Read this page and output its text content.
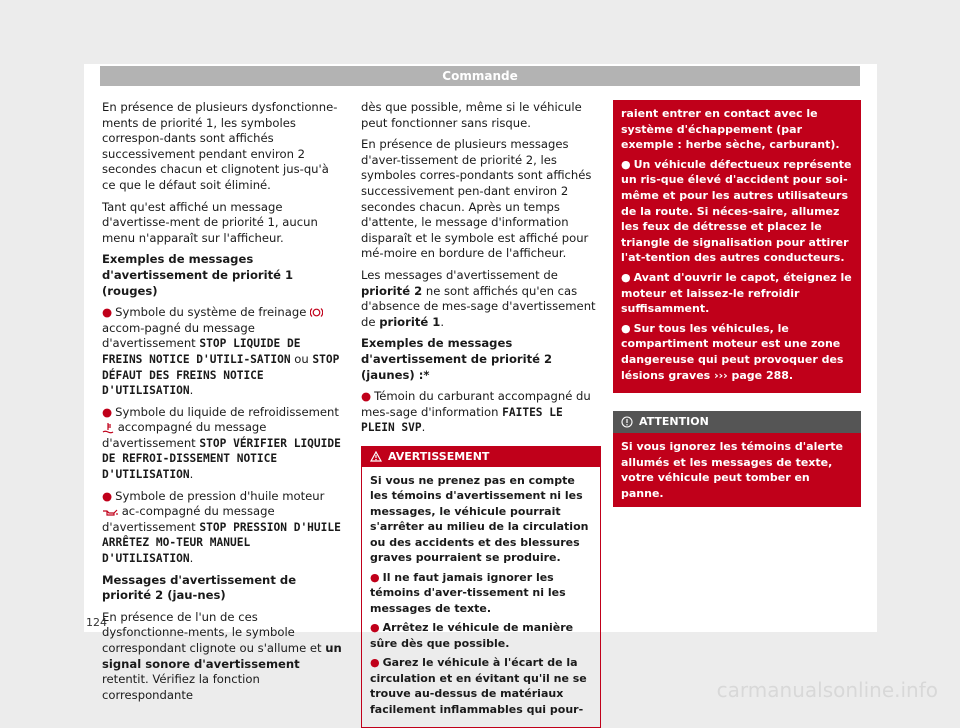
Commande

En présence de plusieurs dysfonctionne-ments de priorité 1, les symboles correspon-dants sont affichés successivement pendant environ 2 secondes chacun et clignotent jus-qu'à ce que le défaut soit éliminé.

Tant qu'est affiché un message d'avertisse-ment de priorité 1, aucun menu n'apparaît sur l'afficheur.

Exemples de messages d'avertissement de priorité 1 (rouges)

● Symbole du système de freinage  accom-pagné du message d'avertissement STOP LIQUIDE DE FREINS NOTICE D'UTILI-SATION ou STOP DÉFAUT DES FREINS NOTICE D'UTILISATION.

● Symbole du liquide de refroidissement  accompagné du message d'avertissement STOP VÉRIFIER LIQUIDE DE REFROI-DISSEMENT NOTICE D'UTILISATION.

● Symbole de pression d'huile moteur  ac-compagné du message d'avertissement STOP PRESSION D'HUILE ARRÊTEZ MO-TEUR MANUEL D'UTILISATION.

Messages d'avertissement de priorité 2 (jau-nes)

En présence de l'un de ces dysfonctionne-ments, le symbole correspondant clignote ou s'allume et un signal sonore d'avertissement retentit. Vérifiez la fonction correspondante

dès que possible, même si le véhicule peut fonctionner sans risque.

En présence de plusieurs messages d'aver-tissement de priorité 2, les symboles corres-pondants sont affichés successivement pen-dant environ 2 secondes chacun. Après un temps d'attente, le message d'information disparaît et le symbole est affiché pour mé-moire en bordure de l'afficheur.

Les messages d'avertissement de priorité 2 ne sont affichés qu'en cas d'absence de mes-sage d'avertissement de priorité 1.

Exemples de messages d'avertissement de priorité 2 (jaunes) :*

● Témoin du carburant accompagné du mes-sage d'information FAITES LE PLEIN SVP.

AVERTISSEMENT

Si vous ne prenez pas en compte les témoins d'avertissement ni les messages, le véhicule pourrait s'arrêter au milieu de la circulation ou des accidents et des blessures graves pourraient se produire.

● Il ne faut jamais ignorer les témoins d'aver-tissement ni les messages de texte.

● Arrêtez le véhicule de manière sûre dès que possible.

● Garez le véhicule à l'écart de la circulation et en évitant qu'il ne se trouve au-dessus de matériaux facilement inflammables qui pour-

raient entrer en contact avec le système d'échappement (par exemple : herbe sèche, carburant).

● Un véhicule défectueux représente un ris-que élevé d'accident pour soi-même et pour les autres utilisateurs de la route. Si néces-saire, allumez les feux de détresse et placez le triangle de signalisation pour attirer l'at-tention des autres conducteurs.

● Avant d'ouvrir le capot, éteignez le moteur et laissez-le refroidir suffisamment.

● Sur tous les véhicules, le compartiment moteur est une zone dangereuse qui peut provoquer des lésions graves ››› page 288.

ATTENTION
Si vous ignorez les témoins d'alerte allumés et les messages de texte, votre véhicule peut tomber en panne.
124
carmanualsonline.info
